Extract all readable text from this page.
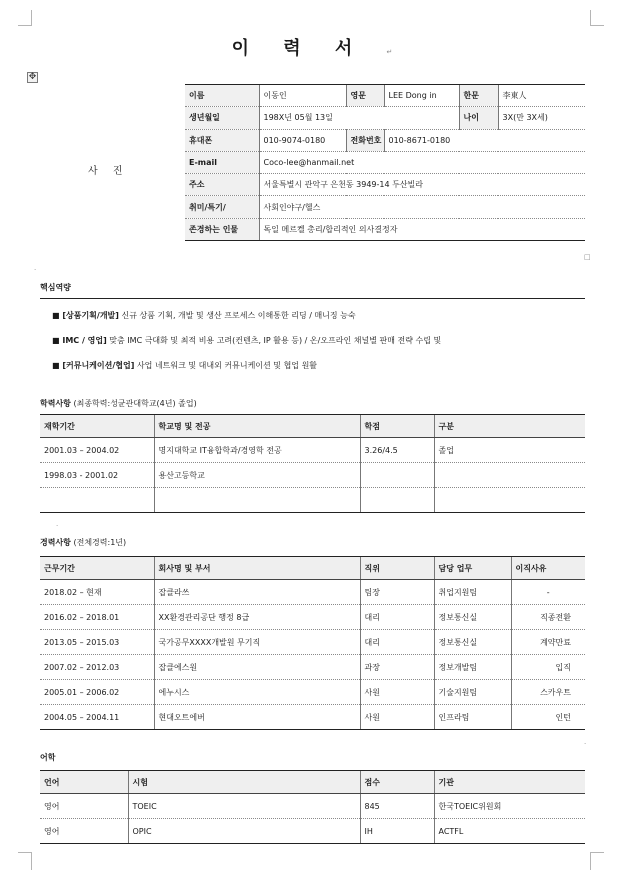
이 력 서	↵
✥
사 진
이름	이동인	영문	LEE Dong in	한문	李東人
생년월일	198X년 05월 13일			나이	3X(만 3X세)
휴대폰	010-9074-0180	전화번호	010-8671-0180		
E-mail	Coco-lee@hanmail.net				
주소	서울특별시 관악구 은천동 3949-14 두산빌라				
취미/특기/	사회인야구/헬스				
존경하는 인물	독일 메르켈 총리/합리적인 의사결정자				
□
.
핵심역량
■ [상품기획/개발] 신규 상품 기획, 개발 및 생산 프로세스 이해통한 리딩 / 매니징 능숙
■ IMC / 영업] 맞춤 IMC 극대화 및 최적 비용 고려(컨텐츠, IP 활용 등) / 온/오프라인 채널별 판매 전략 수립 및
■ [커뮤니케이션/협업] 사업 네트워크 및 대내외 커뮤니케이션 및 협업 원활
학력사항 (최종학력:성균관대학교(4년) 졸업)
재학기간	학교명 및 전공	학점	구분
2001.03 – 2004.02	명지대학교 IT융합학과/경영학 전공	3.26/4.5	졸업
1998.03 - 2001.02	용산고등학교		

.
경력사항 (전체경력:1년)
근무기간	회사명 및 부서	직위	담당 업무	이직사유
2018.02 – 현재	잡클라쓰	팀장	취업지원팀	-
2016.02 – 2018.01	XX환경관리공단 행정 8급	대리	정보통신실	직종전환
2013.05 – 2015.03	국가공무XXXX개발원 무기직	대리	정보통신실	계약만료
2007.02 – 2012.03	잡클에스원	과장	정보개발팀	입직
2005.01 – 2006.02	에누시스	사원	기술지원팀	스카우트
2004.05 – 2004.11	현대오트에버	사원	인프라팀	인턴
.
어학
언어	시험	점수	기관
영어	TOEIC	845	한국TOEIC위원회
영어	OPIC	IH	ACTFL
